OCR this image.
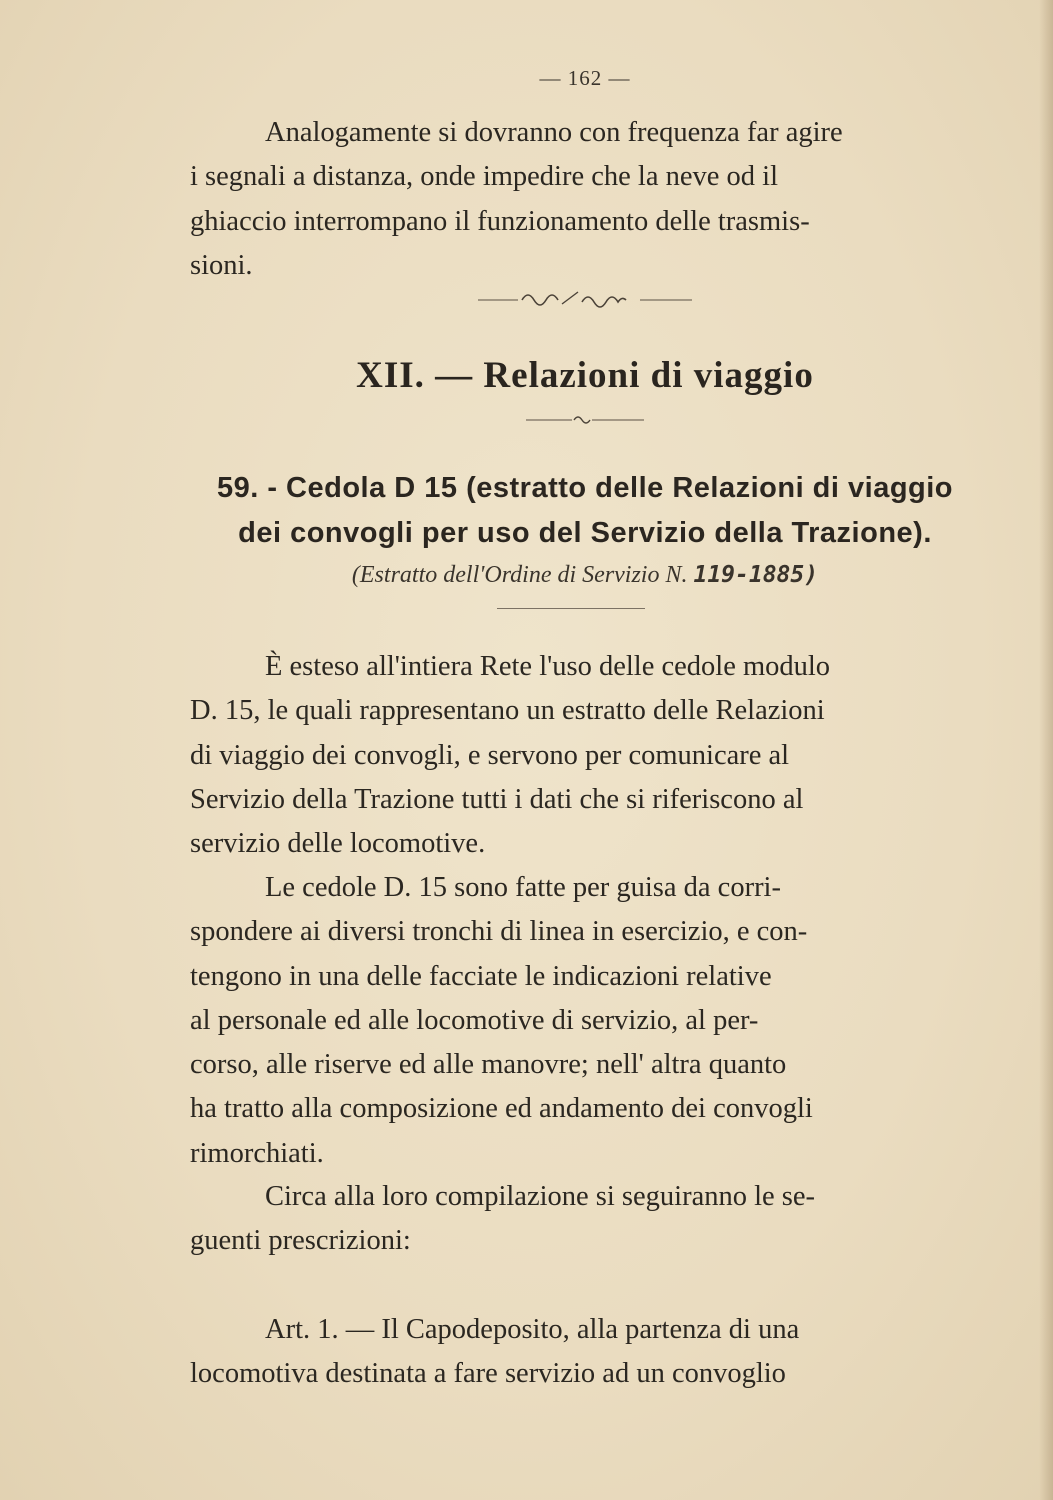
— 162 —

Analogamente si dovranno con frequenza far agire

i segnali a distanza, onde impedire che la neve od il

ghiaccio interrompano il funzionamento delle trasmis-

sioni.

XII. — Relazioni di viaggio
59. - Cedola D 15 (estratto delle Relazioni di viaggio
dei convogli per uso del Servizio della Trazione).
(Estratto dell'Ordine di Servizio N. 119-1885)

È esteso all'intiera Rete l'uso delle cedole modulo

D. 15, le quali rappresentano un estratto delle Relazioni

di viaggio dei convogli, e servono per comunicare al

Servizio della Trazione tutti i dati che si riferiscono al

servizio delle locomotive.

Le cedole D. 15 sono fatte per guisa da corri-

spondere ai diversi tronchi di linea in esercizio, e con-

tengono in una delle facciate le indicazioni relative

al personale ed alle locomotive di servizio, al per-

corso, alle riserve ed alle manovre; nell' altra quanto

ha tratto alla composizione ed andamento dei convogli

rimorchiati.

Circa alla loro compilazione si seguiranno le se-

guenti prescrizioni:

Art. 1. — Il Capodeposito, alla partenza di una

locomotiva destinata a fare servizio ad un convoglio
